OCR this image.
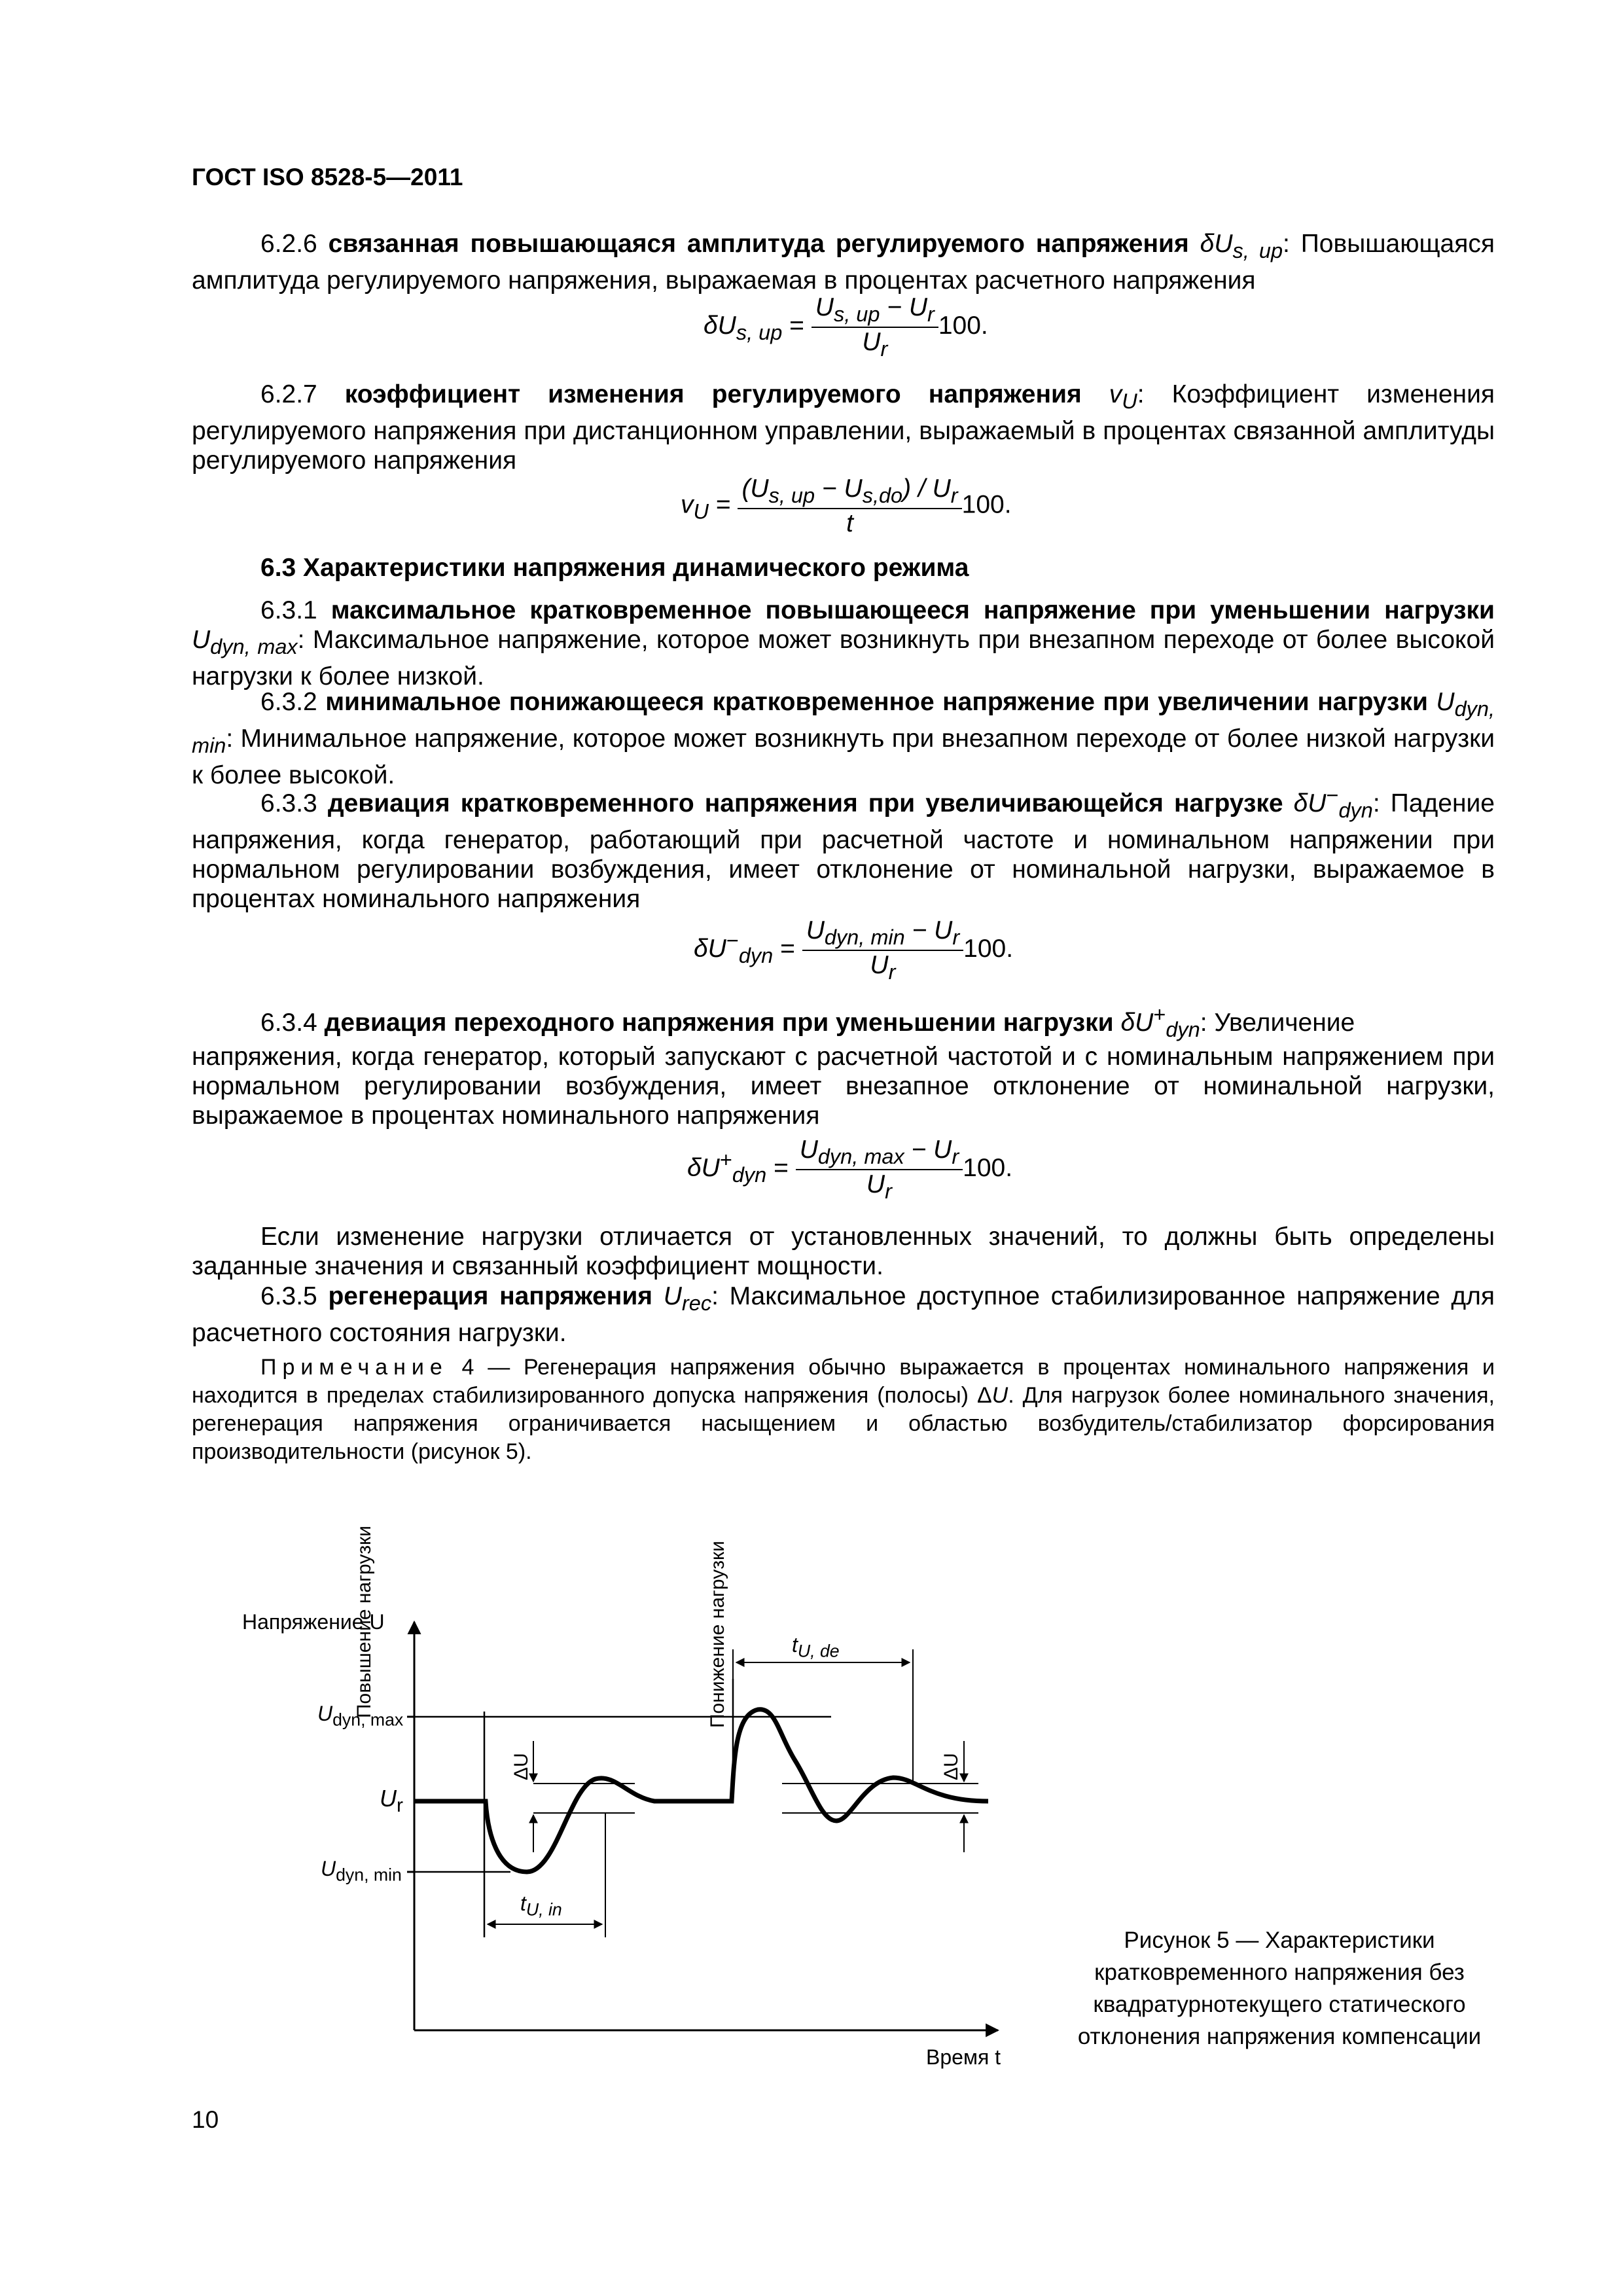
ГОСТ ISO 8528-5—2011
6.2.6 связанная повышающаяся амплитуда регулируемого напряжения $\delta U_{s, up}$: Повышающаяся амплитуда регулируемого напряжения, выражаемая в процентах расчетного напряжения
$\delta U_{s, up} = \frac{U_{s, up} - U_r}{U_r} 100$.
6.2.7 коэффициент изменения регулируемого напряжения $v_U$: Коэффициент изменения регулируемого напряжения при дистанционном управлении, выражаемый в процентах связанной амплитуды регулируемого напряжения
$v_U = \frac{(U_{s, up} - U_{s,do}) / U_r}{t} 100$.
6.3 Характеристики напряжения динамического режима
6.3.1 максимальное кратковременное повышающееся напряжение при уменьшении нагрузки $U_{dyn, max}$: Максимальное напряжение, которое может возникнуть при внезапном переходе от более высокой нагрузки к более низкой.
6.3.2 минимальное понижающееся кратковременное напряжение при увеличении нагрузки $U_{dyn, min}$: Минимальное напряжение, которое может возникнуть при внезапном переходе от более низкой нагрузки к более высокой.
6.3.3 девиация кратковременного напряжения при увеличивающейся нагрузке $\delta U^-_{dyn}$: Падение напряжения, когда генератор, работающий при расчетной частоте и номинальном напряжении при нормальном регулировании возбуждения, имеет отклонение от номинальной нагрузки, выражаемое в процентах номинального напряжения
$\delta U^-_{dyn} = \frac{U_{dyn, min} - U_r}{U_r} 100$.
6.3.4 девиация переходного напряжения при уменьшении нагрузки $\delta U^+_{dyn}$: Увеличение
напряжения, когда генератор, который запускают с расчетной частотой и с номинальным напряжением при нормальном регулировании возбуждения, имеет внезапное отклонение от номинальной нагрузки, выражаемое в процентах номинального напряжения
$\delta U^+_{dyn} = \frac{U_{dyn, max} - U_r}{U_r} 100$.
Если изменение нагрузки отличается от установленных значений, то должны быть определены заданные значения и связанный коэффициент мощности.
6.3.5 регенерация напряжения $U_{rec}$: Максимальное доступное стабилизированное напряжение для расчетного состояния нагрузки.
Примечание 4 — Регенерация напряжения обычно выражается в процентах номинального напряжения и находится в пределах стабилизированного допуска напряжения (полосы) ΔU. Для нагрузок более номинального значения, регенерация напряжения ограничивается насыщением и областью возбудитель/стабилизатор форсирования производительности (рисунок 5).
Напряжение U
Время t
$U_{dyn, max}$
$U_r$
$U_{dyn, min}$
Повышение нагрузки	Понижение нагрузки
ΔU	ΔU
$t_{U, in}$
$t_{U, de}$
Рисунок 5 — Характеристики кратковременного напряжения без квадратурнотекущего статического отклонения напряжения компенсации
10
